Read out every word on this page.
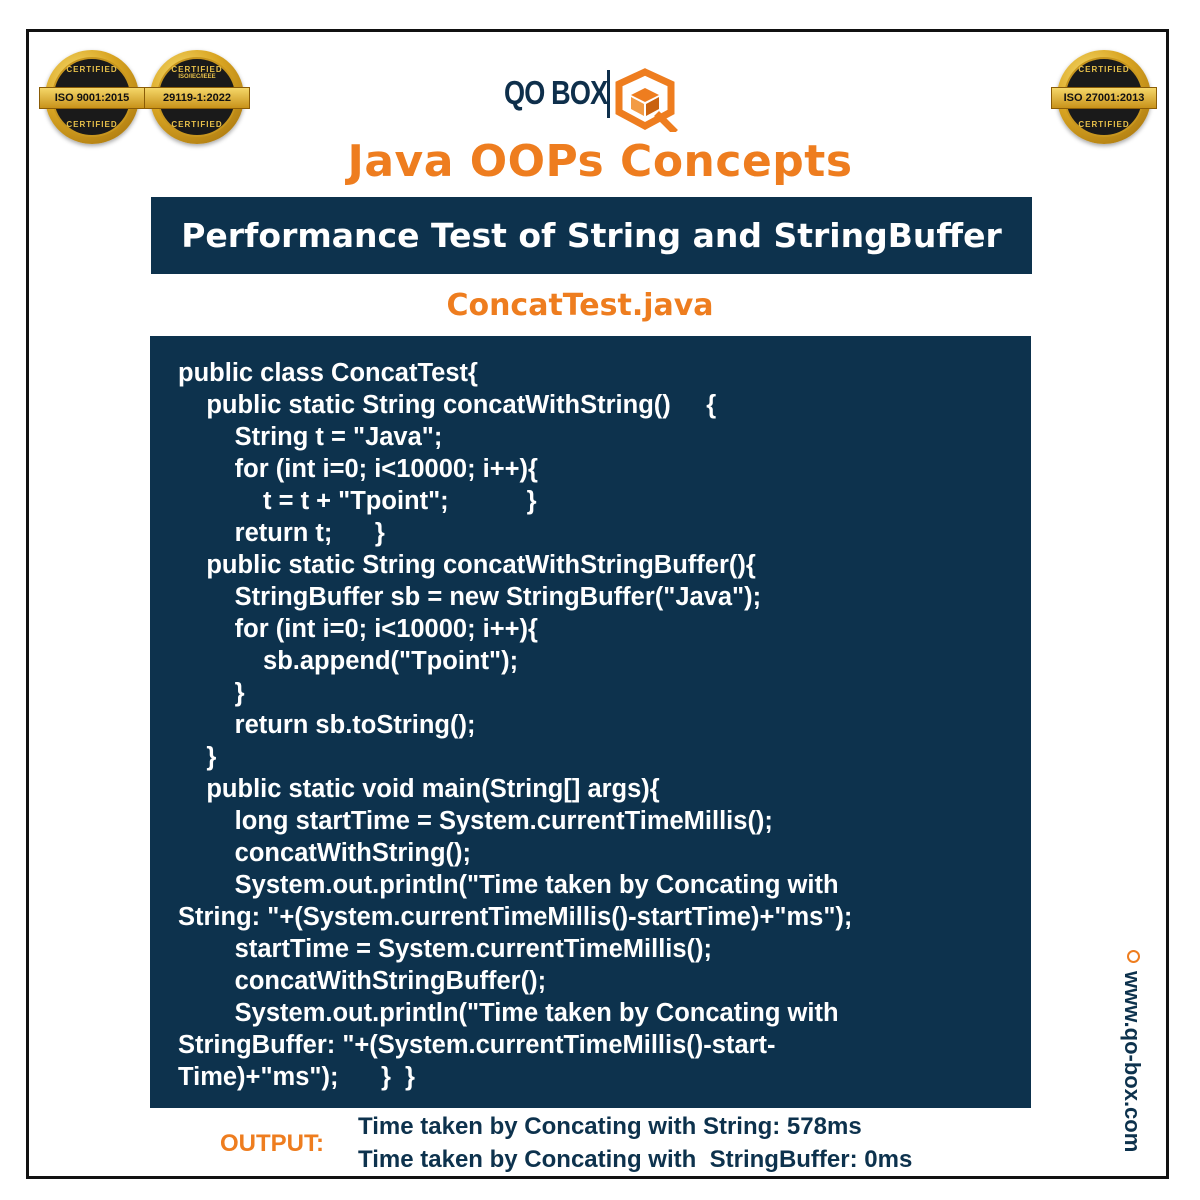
CERTIFIED
ISO 9001:2015
CERTIFIED
CERTIFIED
ISO/IEC/IEEE
29119-1:2022
CERTIFIED
CERTIFIED
ISO 27001:2013
CERTIFIED
QO BOX
Java OOPs Concepts
Performance Test of String and StringBuffer
ConcatTest.java
public class ConcatTest{
public static String concatWithString()     {
String t = "Java";
for (int i=0; i<10000; i++){
t = t + "Tpoint";           }
return t;      }
public static String concatWithStringBuffer(){
StringBuffer sb = new StringBuffer("Java");
for (int i=0; i<10000; i++){
sb.append("Tpoint");
}
return sb.toString();
}
public static void main(String[] args){
long startTime = System.currentTimeMillis();
concatWithString();
System.out.println("Time taken by Concating with
String: "+(System.currentTimeMillis()-startTime)+"ms");
startTime = System.currentTimeMillis();
concatWithStringBuffer();
System.out.println("Time taken by Concating with
StringBuffer: "+(System.currentTimeMillis()-start-
Time)+"ms");      }  }
OUTPUT:
Time taken by Concating with String: 578ms
Time taken by Concating with  StringBuffer: 0ms
www.qo-box.com
